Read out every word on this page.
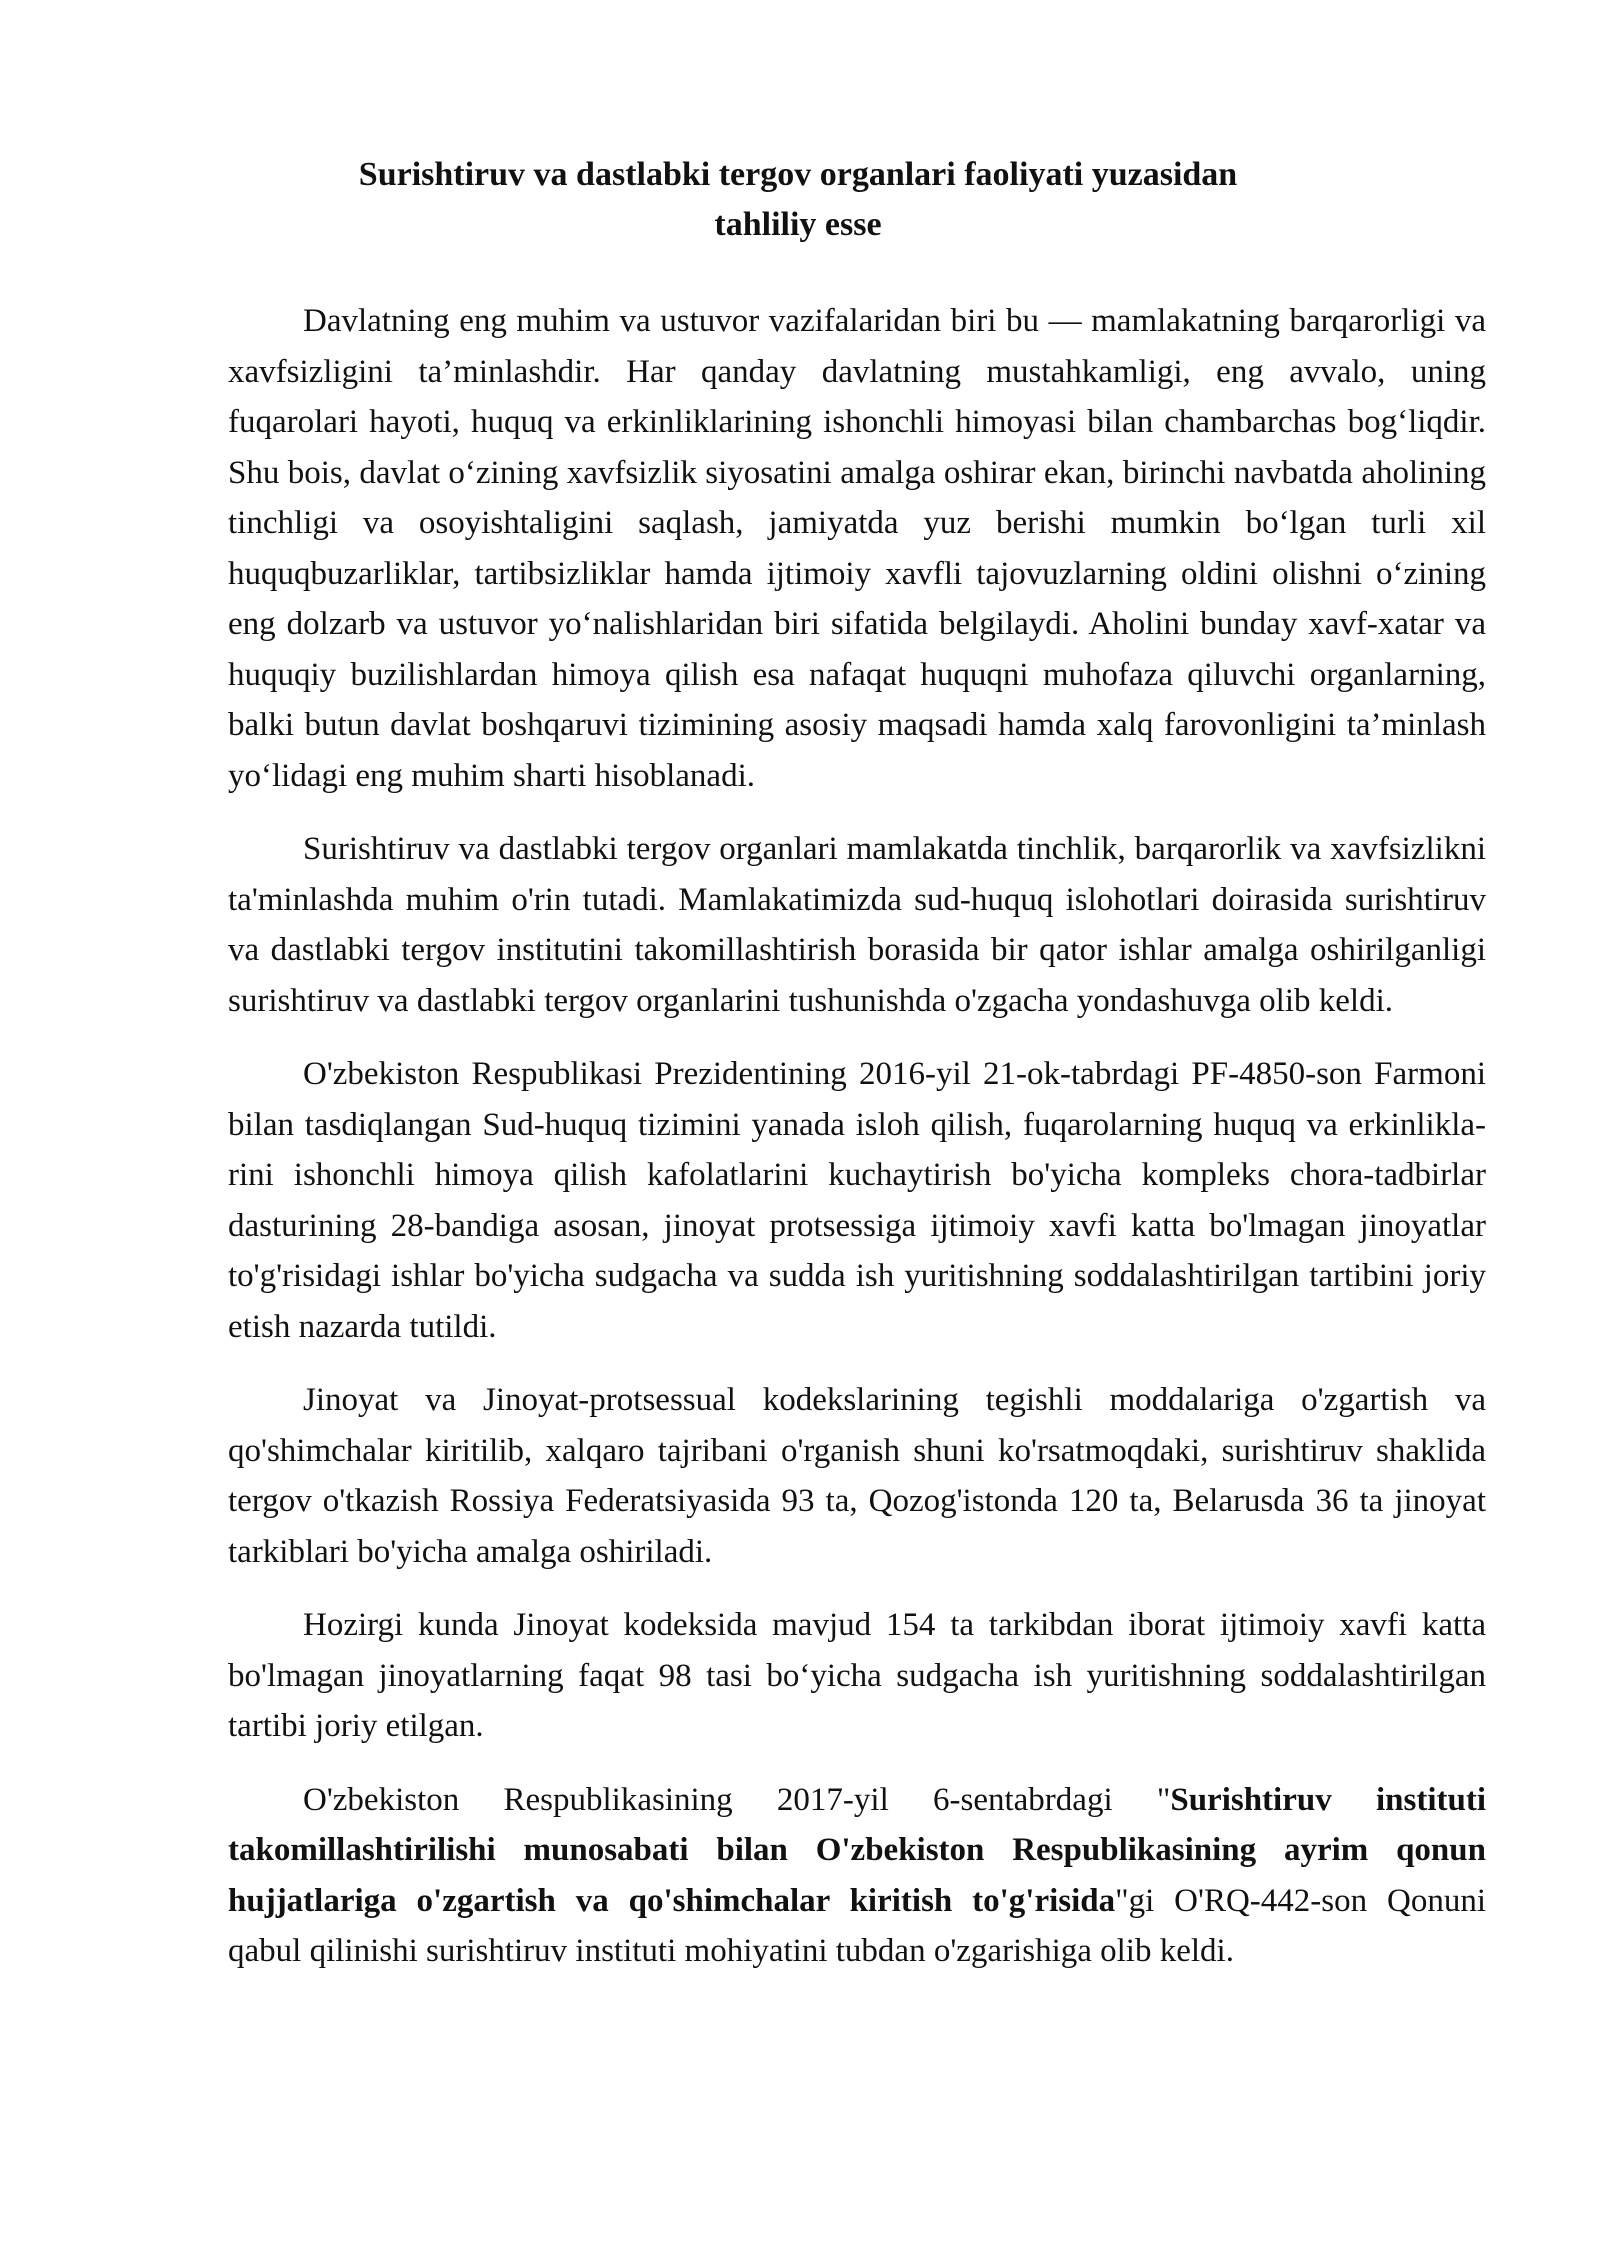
Surishtiruv va dastlabki tergov organlari faoliyati yuzasidan
tahliliy esse

Davlatning eng muhim va ustuvor vazifalaridan biri bu — mamlakatning barqarorligi va xavfsizligini ta’minlashdir. Har qanday davlatning mustahkamligi, eng avvalo, uning fuqarolari hayoti, huquq va erkinliklarining ishonchli himoyasi bilan chambarchas bog‘liqdir. Shu bois, davlat o‘zining xavfsizlik siyosatini amalga oshirar ekan, birinchi navbatda aholining tinchligi va osoyishtaligini saqlash, jamiyatda yuz berishi mumkin bo‘lgan turli xil huquqbuzarliklar, tartibsizliklar hamda ijtimoiy xavfli tajovuzlarning oldini olishni o‘zining eng dolzarb va ustuvor yo‘nalishlaridan biri sifatida belgilaydi. Aholini bunday xavf-xatar va huquqiy buzilishlardan himoya qilish esa nafaqat huquqni muhofaza qiluvchi organlarning, balki butun davlat boshqaruvi tizimining asosiy maqsadi hamda xalq farovonligini ta’minlash yo‘lidagi eng muhim sharti hisoblanadi.

Surishtiruv va dastlabki tergov organlari mamlakatda tinchlik, barqarorlik va xavfsizlikni ta'minlashda muhim o'rin tutadi. Mamlakatimizda sud-huquq islohotlari doirasida surishtiruv va dastlabki tergov institutini takomillashtirish borasida bir qator ishlar amalga oshirilganligi surishtiruv va dastlabki tergov organlarini tushunishda o'zgacha yondashuvga olib keldi.

O'zbekiston Respublikasi Prezidentining 2016-yil 21-ok-tabrdagi PF-4850-son Farmoni bilan tasdiqlangan Sud-huquq tizimini yanada isloh qilish, fuqarolarning huquq va erkinlikla-rini ishonchli himoya qilish kafolatlarini kuchaytirish bo'yicha kompleks chora-tadbirlar dasturining 28-bandiga asosan, jinoyat protsessiga ijtimoiy xavfi katta bo'lmagan jinoyatlar to'g'risidagi ishlar bo'yicha sudgacha va sudda ish yuritishning soddalashtirilgan tartibini joriy etish nazarda tutildi.

Jinoyat va Jinoyat-protsessual kodekslarining tegishli moddalariga o'zgartish va qo'shimchalar kiritilib, xalqaro tajribani o'rganish shuni ko'rsatmoqdaki, surishtiruv shaklida tergov o'tkazish Rossiya Federatsiyasida 93 ta, Qozog'istonda 120 ta, Belarusda 36 ta jinoyat tarkiblari bo'yicha amalga oshiriladi.

Hozirgi kunda Jinoyat kodeksida mavjud 154 ta tarkibdan iborat ijtimoiy xavfi katta bo'lmagan jinoyatlarning faqat 98 tasi bo‘yicha sudgacha ish yuritishning soddalashtirilgan tartibi joriy etilgan.

O'zbekiston Respublikasining 2017-yil 6-sentabrdagi "Surishtiruv instituti takomillashtirilishi munosabati bilan O'zbekiston Respublikasining ayrim qonun hujjatlariga o'zgartish va qo'shimchalar kiritish to'g'risida"gi O'RQ-442-son Qonuni qabul qilinishi surishtiruv instituti mohiyatini tubdan o'zgarishiga olib keldi.
